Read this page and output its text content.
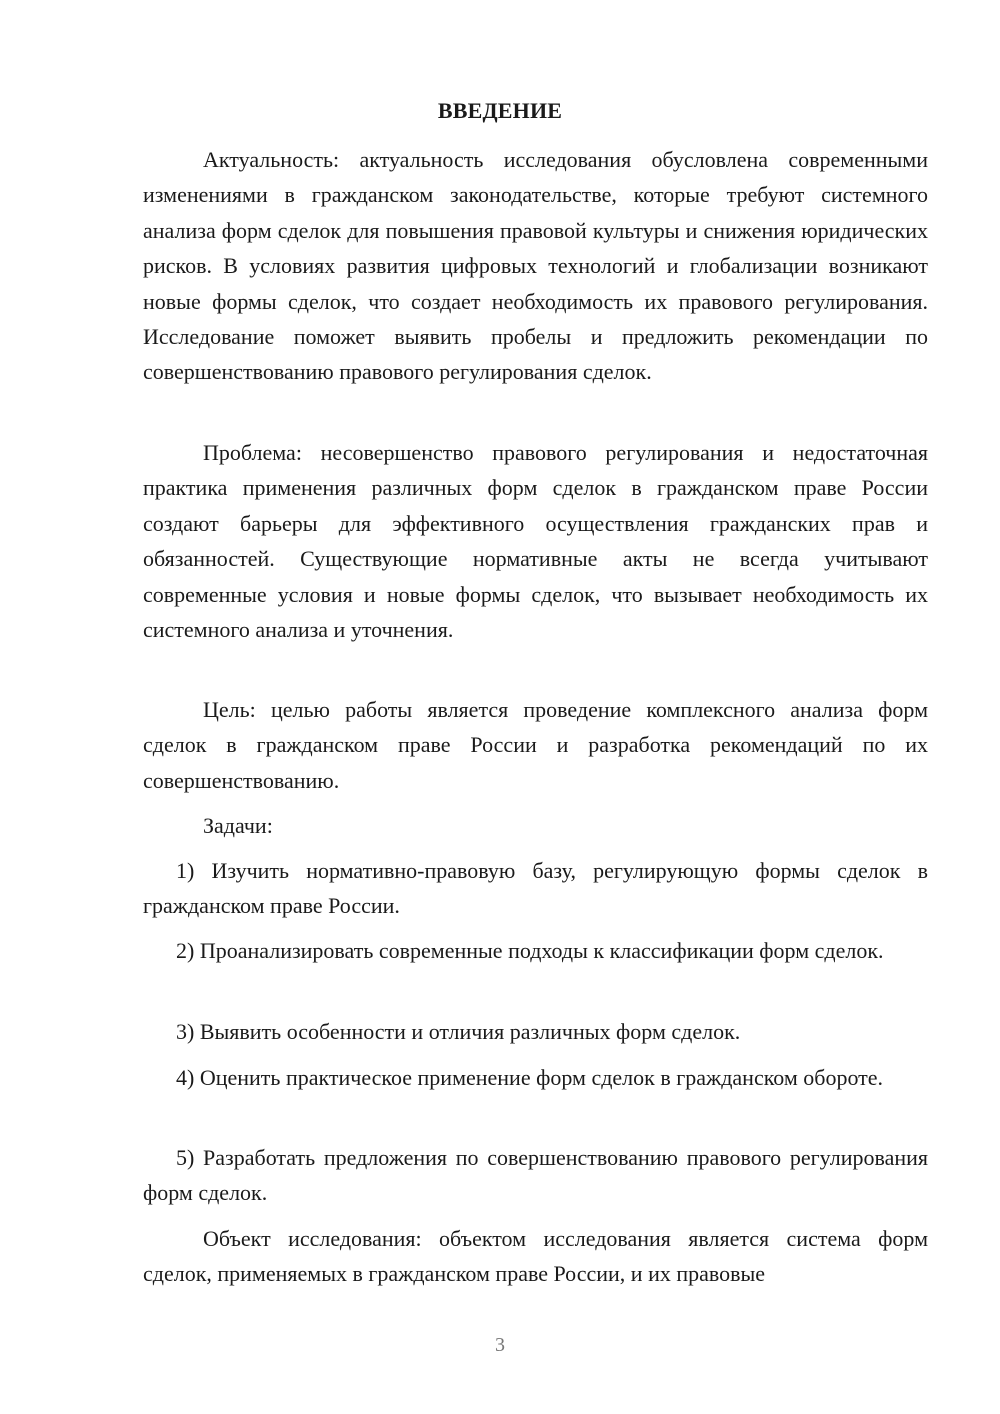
ВВЕДЕНИЕ

Актуальность: актуальность исследования обусловлена современными изменениями в гражданском законодательстве, которые требуют системного анализа форм сделок для повышения правовой культуры и снижения юридических рисков. В условиях развития цифровых технологий и глобализации возникают новые формы сделок, что создает необходимость их правового регулирования. Исследование поможет выявить пробелы и предложить рекомендации по совершенствованию правового регулирования сделок.

Проблема: несовершенство правового регулирования и недостаточная практика применения различных форм сделок в гражданском праве России создают барьеры для эффективного осуществления гражданских прав и обязанностей. Существующие нормативные акты не всегда учитывают современные условия и новые формы сделок, что вызывает необходимость их системного анализа и уточнения.

Цель: целью работы является проведение комплексного анализа форм сделок в гражданском праве России и разработка рекомендаций по их совершенствованию.

Задачи:

1) Изучить нормативно-правовую базу, регулирующую формы сделок в гражданском праве России.

2) Проанализировать современные подходы к классификации форм сделок.

3) Выявить особенности и отличия различных форм сделок.

4) Оценить практическое применение форм сделок в гражданском обороте.

5) Разработать предложения по совершенствованию правового регулирования форм сделок.

Объект исследования: объектом исследования является система форм сделок, применяемых в гражданском праве России, и их правовые

3
